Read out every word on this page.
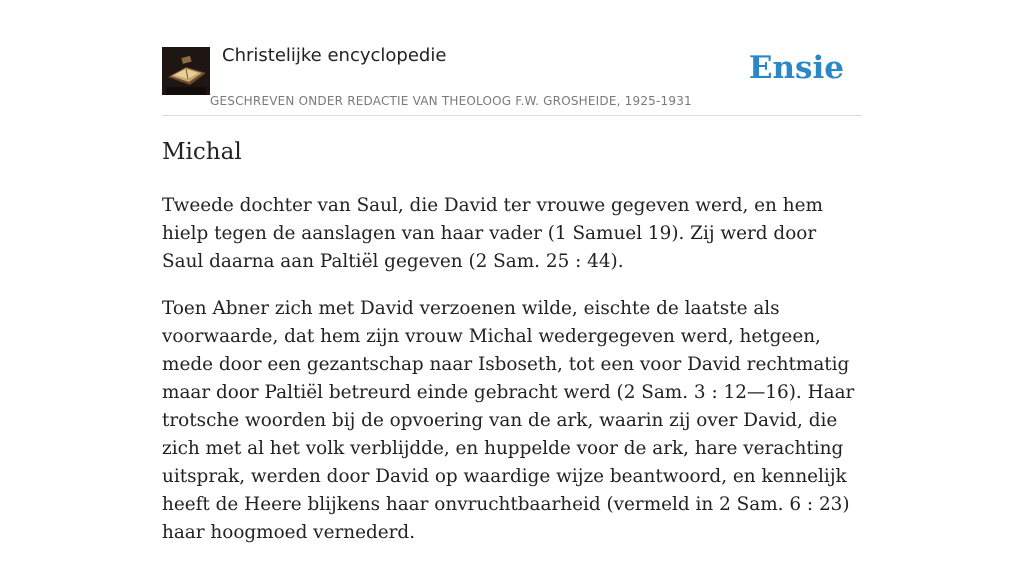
Christelijke encyclopedie
GESCHREVEN ONDER REDACTIE VAN THEOLOOG F.W. GROSHEIDE, 1925-1931
Ensie
Michal

Tweede dochter van Saul, die David ter vrouwe gegeven werd, en hem hielp tegen de aanslagen van haar vader (1 Samuel 19). Zij werd door Saul daarna aan Paltiël gegeven (2 Sam. 25 : 44).

Toen Abner zich met David verzoenen wilde, eischte de laatste als voorwaarde, dat hem zijn vrouw Michal wedergegeven werd, hetgeen, mede door een gezantschap naar Isboseth, tot een voor David rechtmatig maar door Paltiël betreurd einde gebracht werd (2 Sam. 3 : 12—16). Haar trotsche woorden bij de opvoering van de ark, waarin zij over David, die zich met al het volk verblijdde, en huppelde voor de ark, hare verachting uitsprak, werden door David op waardige wijze beantwoord, en kennelijk heeft de Heere blijkens haar onvruchtbaarheid (vermeld in 2 Sam. 6 : 23) haar hoogmoed vernederd.
